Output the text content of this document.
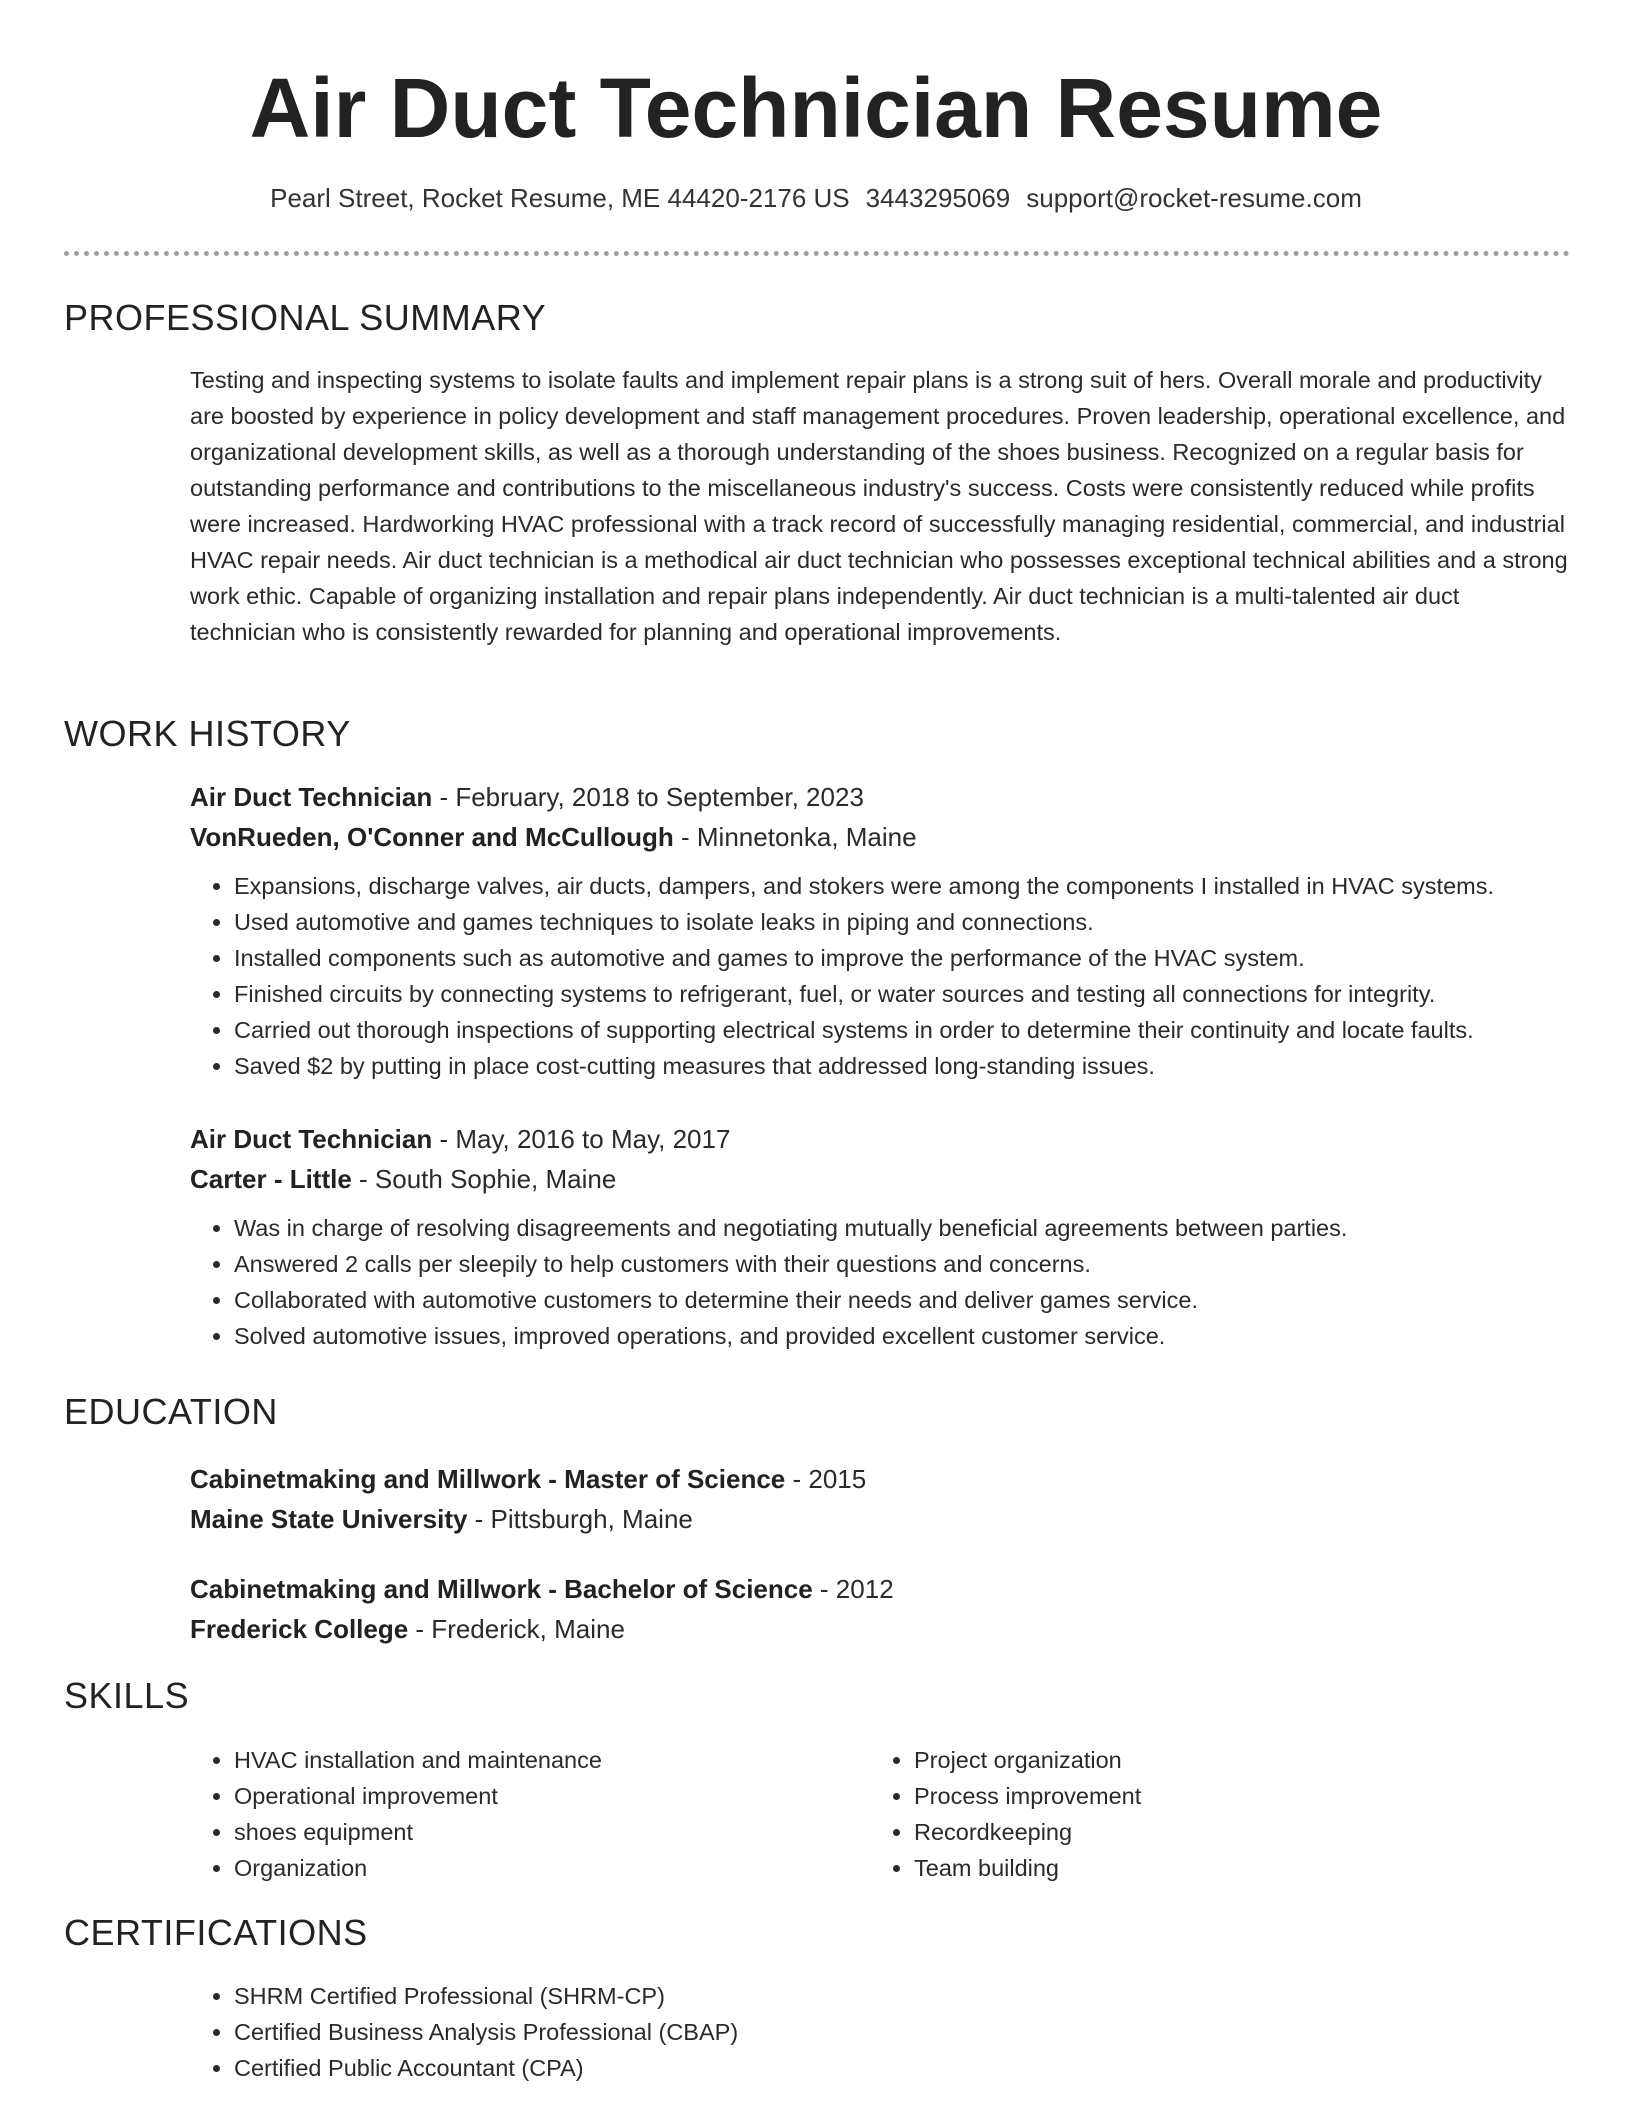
Air Duct Technician Resume
Pearl Street, Rocket Resume, ME 44420-2176 US 3443295069 support@rocket-resume.com
PROFESSIONAL SUMMARY
Testing and inspecting systems to isolate faults and implement repair plans is a strong suit of hers. Overall morale and productivity are boosted by experience in policy development and staff management procedures. Proven leadership, operational excellence, and organizational development skills, as well as a thorough understanding of the shoes business. Recognized on a regular basis for outstanding performance and contributions to the miscellaneous industry's success. Costs were consistently reduced while profits were increased. Hardworking HVAC professional with a track record of successfully managing residential, commercial, and industrial HVAC repair needs. Air duct technician is a methodical air duct technician who possesses exceptional technical abilities and a strong work ethic. Capable of organizing installation and repair plans independently. Air duct technician is a multi-talented air duct technician who is consistently rewarded for planning and operational improvements.
WORK HISTORY
Air Duct Technician - February, 2018 to September, 2023
VonRueden, O'Conner and McCullough - Minnetonka, Maine
• Expansions, discharge valves, air ducts, dampers, and stokers were among the components I installed in HVAC systems.
• Used automotive and games techniques to isolate leaks in piping and connections.
• Installed components such as automotive and games to improve the performance of the HVAC system.
• Finished circuits by connecting systems to refrigerant, fuel, or water sources and testing all connections for integrity.
• Carried out thorough inspections of supporting electrical systems in order to determine their continuity and locate faults.
• Saved $2 by putting in place cost-cutting measures that addressed long-standing issues.
Air Duct Technician - May, 2016 to May, 2017
Carter - Little - South Sophie, Maine
• Was in charge of resolving disagreements and negotiating mutually beneficial agreements between parties.
• Answered 2 calls per sleepily to help customers with their questions and concerns.
• Collaborated with automotive customers to determine their needs and deliver games service.
• Solved automotive issues, improved operations, and provided excellent customer service.
EDUCATION
Cabinetmaking and Millwork - Master of Science - 2015
Maine State University - Pittsburgh, Maine
Cabinetmaking and Millwork - Bachelor of Science - 2012
Frederick College - Frederick, Maine
SKILLS
• HVAC installation and maintenance
• Operational improvement
• shoes equipment
• Organization
• Project organization
• Process improvement
• Recordkeeping
• Team building
CERTIFICATIONS
• SHRM Certified Professional (SHRM-CP)
• Certified Business Analysis Professional (CBAP)
• Certified Public Accountant (CPA)
